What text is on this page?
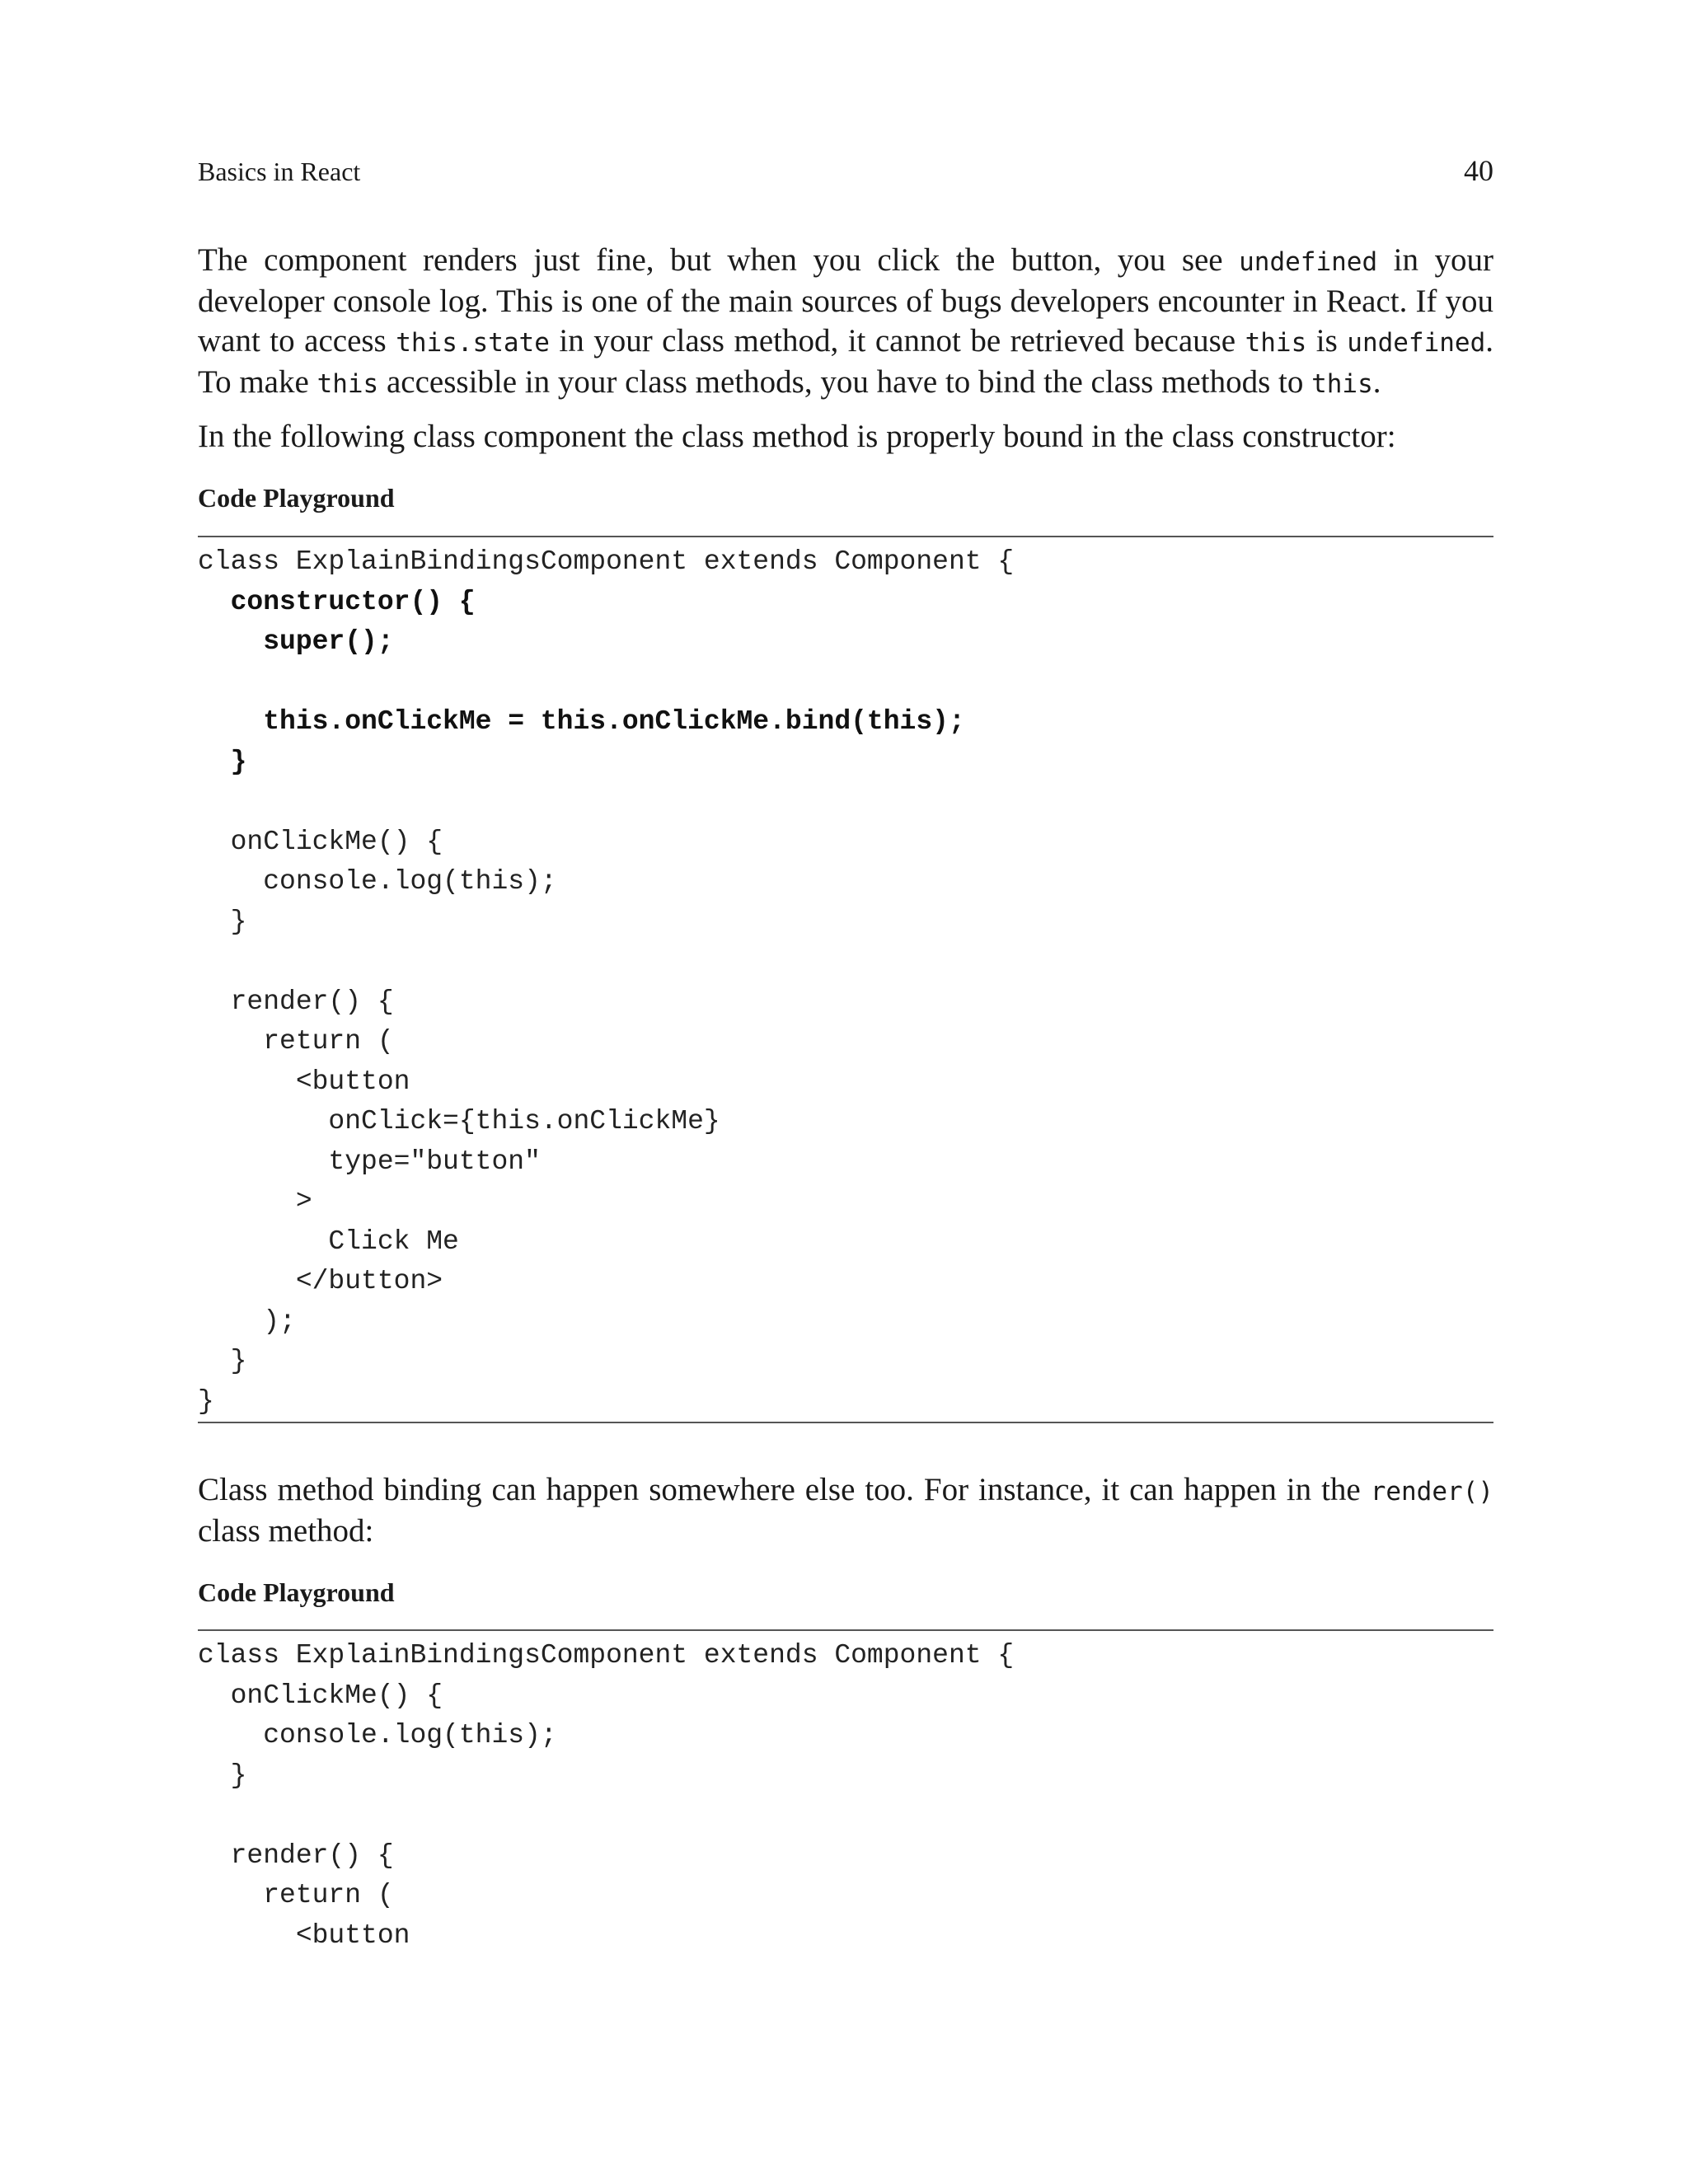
Basics in React	40

The component renders just fine, but when you click the button, you see undefined in your developer console log. This is one of the main sources of bugs developers encounter in React. If you want to access this.state in your class method, it cannot be retrieved because this is undefined. To make this accessible in your class methods, you have to bind the class methods to this.

In the following class component the class method is properly bound in the class constructor:

Code Playground
class ExplainBindingsComponent extends Component {
constructor() {
super();
this.onClickMe = this.onClickMe.bind(this);
}
onClickMe() {
console.log(this);
}
render() {
return (
<button
onClick={this.onClickMe}
type="button"
>
Click Me
</button>
);
}
}

Class method binding can happen somewhere else too. For instance, it can happen in the render() class method:

Code Playground
class ExplainBindingsComponent extends Component {
onClickMe() {
console.log(this);
}
render() {
return (
<button
